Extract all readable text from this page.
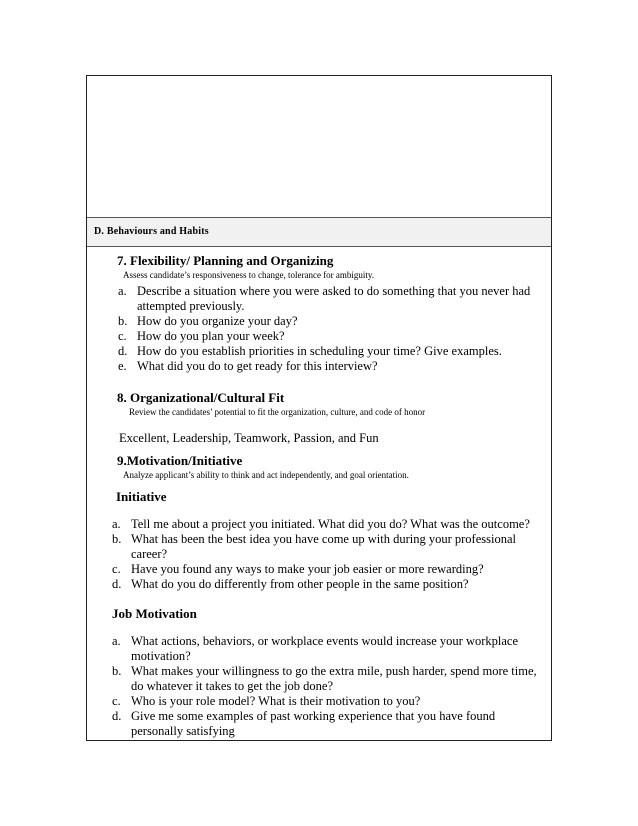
D. Behaviours and Habits
7. Flexibility/ Planning and Organizing
Assess candidate’s responsiveness to change, tolerance for ambiguity.
a. Describe a situation where you were asked to do something that you never had attempted previously.
b. How do you organize your day?
c. How do you plan your week?
d. How do you establish priorities in scheduling your time? Give examples.
e. What did you do to get ready for this interview?
8. Organizational/Cultural Fit
Review the candidates’ potential to fit the organization, culture, and code of honor
Excellent, Leadership, Teamwork, Passion, and Fun
9.Motivation/Initiative
Analyze applicant’s ability to think and act independently, and goal orientation.
Initiative
a. Tell me about a project you initiated. What did you do? What was the outcome?
b. What has been the best idea you have come up with during your professional career?
c. Have you found any ways to make your job easier or more rewarding?
d. What do you do differently from other people in the same position?
Job Motivation
a. What actions, behaviors, or workplace events would increase your workplace motivation?
b. What makes your willingness to go the extra mile, push harder, spend more time, do whatever it takes to get the job done?
c. Who is your role model? What is their motivation to you?
d. Give me some examples of past working experience that you have found personally satisfying
